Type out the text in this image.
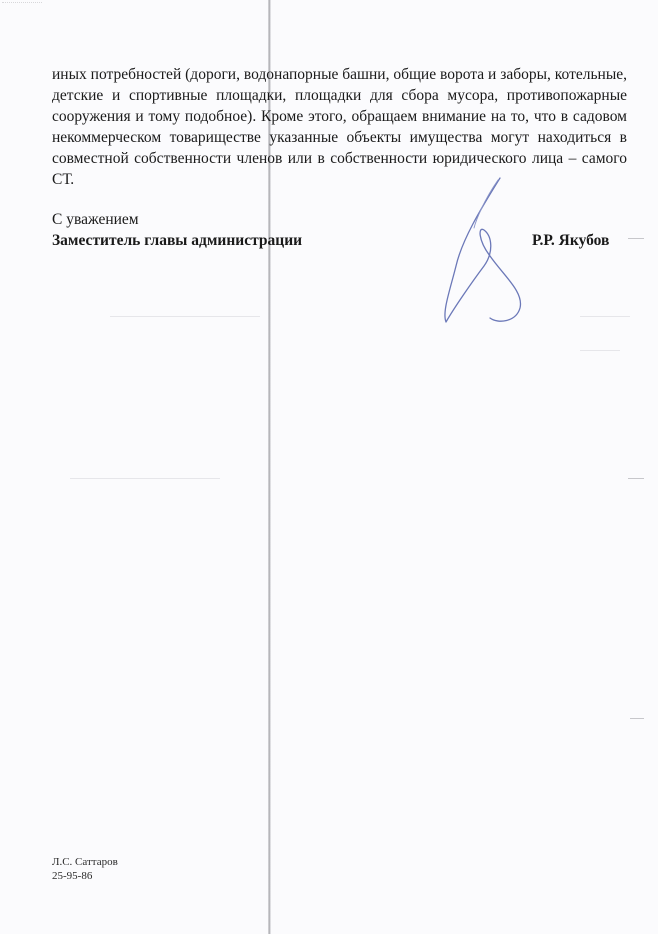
иных потребностей (дороги, водонапорные башни, общие ворота и заборы, котельные, детские и спортивные площадки, площадки для сбора мусора, противопожарные сооружения и тому подобное). Кроме этого, обращаем внимание на то, что в садовом некоммерческом товариществе указанные объекты имущества могут находиться в совместной собственности членов или в собственности юридического лица – самого СТ.
С уважением
Заместитель главы администрации	Р.Р. Якубов
Л.С. Саттаров
25-95-86
